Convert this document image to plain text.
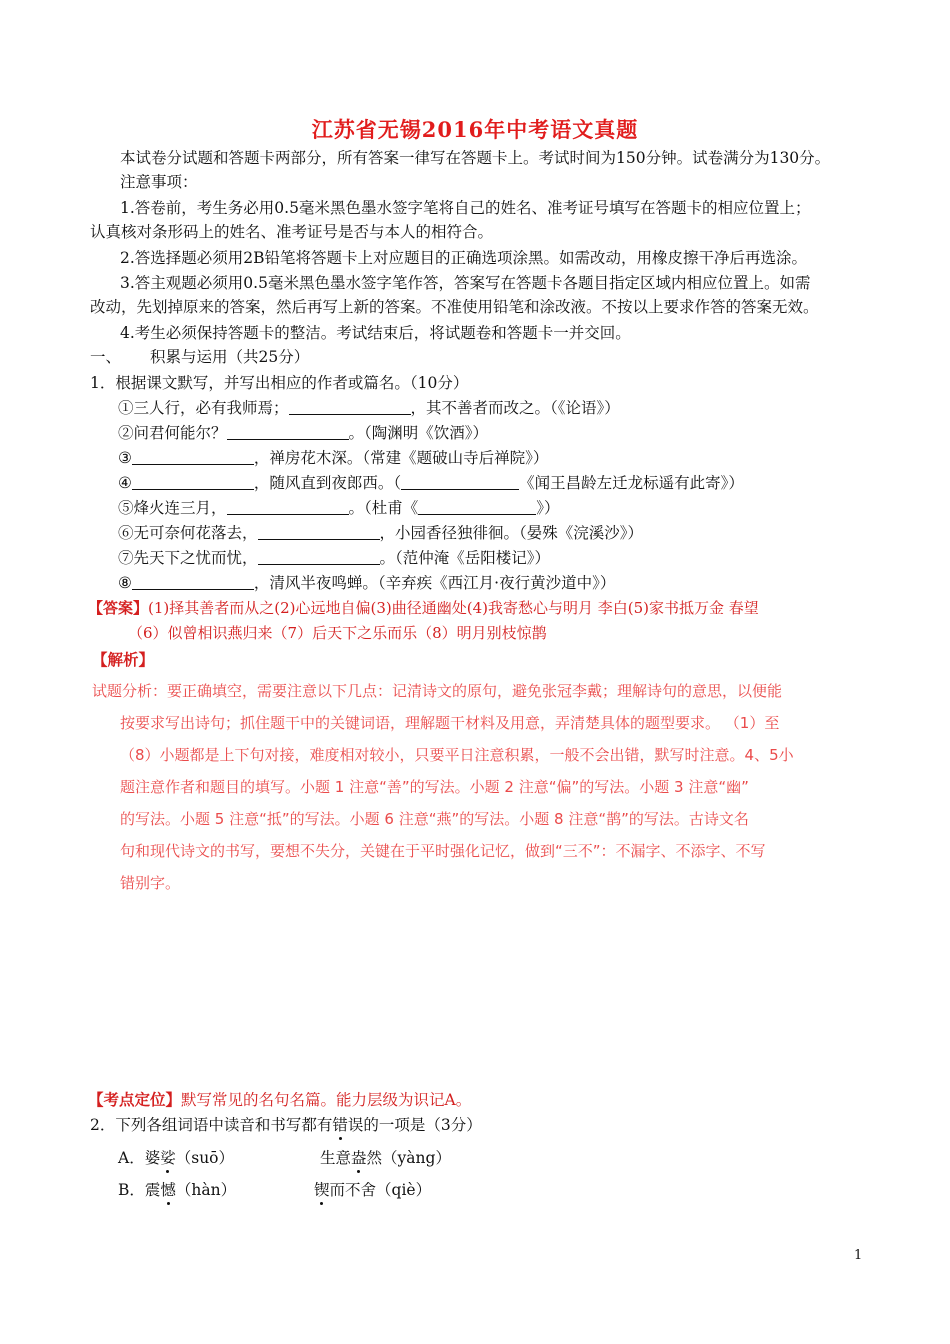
江苏省无锡2016年中考语文真题
本试卷分试题和答题卡两部分，所有答案一律写在答题卡上。考试时间为150分钟。试卷满分为130分。
注意事项：
1.答卷前，考生务必用0.5毫米黑色墨水签字笔将自己的姓名、准考证号填写在答题卡的相应位置上；
认真核对条形码上的姓名、准考证号是否与本人的相符合。
2.答选择题必须用2B铅笔将答题卡上对应题目的正确选项涂黑。如需改动，用橡皮擦干净后再选涂。
3.答主观题必须用0.5毫米黑色墨水签字笔作答，答案写在答题卡各题目指定区域内相应位置上。如需
改动，先划掉原来的答案，然后再写上新的答案。不准使用铅笔和涂改液。不按以上要求作答的答案无效。
4.考生必须保持答题卡的整洁。考试结束后，将试题卷和答题卡一并交回。
一、 积累与运用（共25分）
1．根据课文默写，并写出相应的作者或篇名。（10分）
①三人行，必有我师焉；	，其不善者而改之。（《论语》）
②问君何能尔？	。（陶渊明《饮酒》）
③	，禅房花木深。（常建《题破山寺后禅院》）
④	，随风直到夜郎西。（	《闻王昌龄左迁龙标遥有此寄》）
⑤烽火连三月，	。（杜甫《	》）
⑥无可奈何花落去，	，小园香径独徘徊。（晏殊《浣溪沙》）
⑦先天下之忧而忧，	。（范仲淹《岳阳楼记》）
⑧	，清风半夜鸣蝉。（辛弃疾《西江月·夜行黄沙道中》）
【答案】(1)择其善者而从之(2)心远地自偏(3)曲径通幽处(4)我寄愁心与明月 李白(5)家书抵万金 春望
（6）似曾相识燕归来（7）后天下之乐而乐（8）明月别枝惊鹊
【解析】
试题分析：要正确填空，需要注意以下几点：记清诗文的原句，避免张冠李戴；理解诗句的意思，以便能
按要求写出诗句；抓住题干中的关键词语，理解题干材料及用意，弄清楚具体的题型要求。 （1）至
（8）小题都是上下句对接，难度相对较小，只要平日注意积累，一般不会出错，默写时注意。4、5小
题注意作者和题目的填写。小题 1 注意“善”的写法。小题 2 注意“偏”的写法。小题 3 注意“幽”
的写法。小题 5 注意“抵”的写法。小题 6 注意“燕”的写法。小题 8 注意“鹊”的写法。古诗文名
句和现代诗文的书写，要想不失分，关键在于平时强化记忆，做到“三不”：不漏字、不添字、不写
错别字。
【考点定位】默写常见的名句名篇。能力层级为识记A。
2．下列各组词语中读音和书写都有错误的一项是（3分）
A．婆娑（suō）	生意盎然（yàng）
B．震憾（hàn）	锲而不舍（qiè）
1
